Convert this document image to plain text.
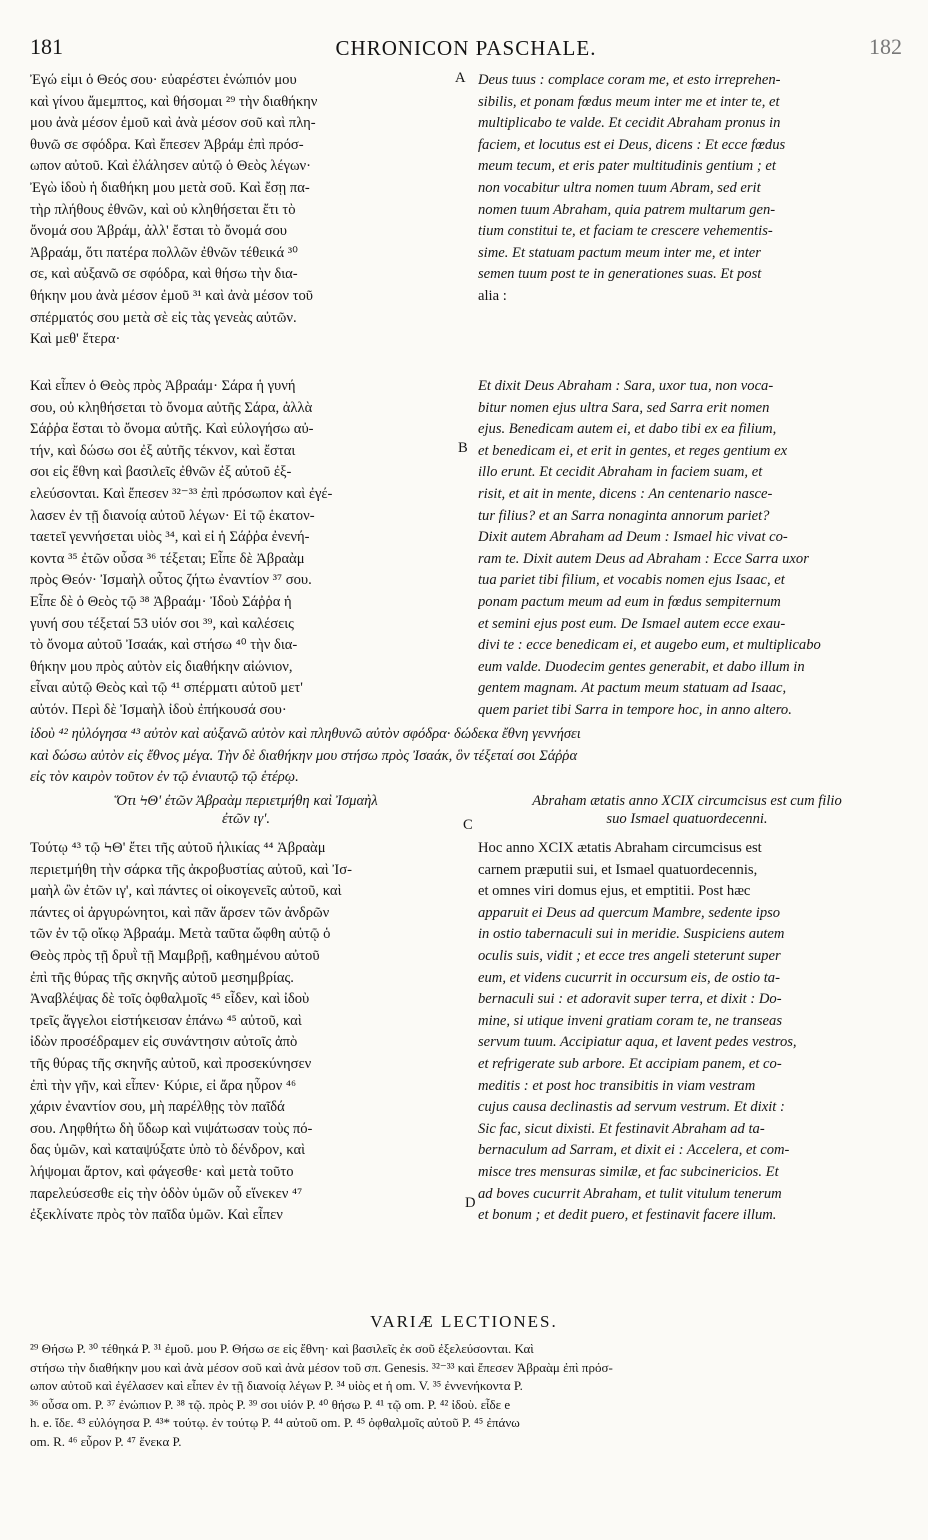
181	CHRONICON PASCHALE.	182
Ἐγώ εἰμι ὁ Θεός σου· εὐαρέστει ἐνώπιόν μου
καὶ γίνου ἄμεμπτος, καὶ θήσομαι ²⁹ τὴν διαθήκην
μου ἀνὰ μέσον ἐμοῦ καὶ ἀνὰ μέσον σοῦ καὶ πλη-
θυνῶ σε σφόδρα. Καὶ ἔπεσεν Ἀβράμ ἐπὶ πρόσ-
ωπον αὐτοῦ. Καὶ ἐλάλησεν αὐτῷ ὁ Θεὸς λέγων·
Ἐγὼ ἰδοὺ ἡ διαθήκη μου μετὰ σοῦ. Καὶ ἔσῃ πα-
τὴρ πλήθους ἐθνῶν, καὶ οὐ κληθήσεται ἔτι τὸ
ὄνομά σου Ἀβράμ, ἀλλ' ἔσται τὸ ὄνομά σου
Ἀβραάμ, ὅτι πατέρα πολλῶν ἐθνῶν τέθεικά ³⁰
σε, καὶ αὐξανῶ σε σφόδρα, καὶ θήσω τὴν δια-
θήκην μου ἀνὰ μέσον ἐμοῦ ³¹ καὶ ἀνὰ μέσον τοῦ
σπέρματός σου μετὰ σὲ εἰς τὰς γενεὰς αὐτῶν.
Καὶ μεθ' ἕτερα·
Deus tuus : complace coram me, et esto irreprehen-
sibilis, et ponam fœdus meum inter me et inter te, et
multiplicabo te valde. Et cecidit Abraham pronus in
faciem, et locutus est ei Deus, dicens : Et ecce fœdus
meum tecum, et eris pater multitudinis gentium ; et
non vocabitur ultra nomen tuum Abram, sed erit
nomen tuum Abraham, quia patrem multarum gen-
tium constitui te, et faciam te crescere vehementis-
sime. Et statuam pactum meum inter me, et inter
semen tuum post te in generationes suas. Et post
alia :
A
B
C
D
Καὶ εἶπεν ὁ Θεὸς πρὸς Ἀβραάμ· Σάρα ἡ γυνή
σου, οὐ κληθήσεται τὸ ὄνομα αὐτῆς Σάρα, ἀλλὰ
Σάῤῥα ἔσται τὸ ὄνομα αὐτῆς. Καὶ εὐλογήσω αὐ-
τήν, καὶ δώσω σοι ἐξ αὐτῆς τέκνον, καὶ ἔσται
σοι εἰς ἔθνη καὶ βασιλεῖς ἐθνῶν ἐξ αὐτοῦ ἐξ-
ελεύσονται. Καὶ ἔπεσεν ³²⁻³³ ἐπὶ πρόσωπον καὶ ἐγέ-
λασεν ἐν τῇ διανοίᾳ αὐτοῦ λέγων· Εἰ τῷ ἑκατον-
ταετεῖ γεννήσεται υἱὸς ³⁴, καὶ εἰ ἡ Σάῤῥα ἐνενή-
κοντα ³⁵ ἐτῶν οὖσα ³⁶ τέξεται; Εἶπε δὲ Ἀβραὰμ
πρὸς Θεόν· Ἰσμαὴλ οὗτος ζήτω ἐναντίον ³⁷ σου.
Εἶπε δὲ ὁ Θεὸς τῷ ³⁸ Ἀβραάμ· Ἰδοὺ Σάῤῥα ἡ
γυνή σου τέξεταί 53 υἱόν σοι ³⁹, καὶ καλέσεις
τὸ ὄνομα αὐτοῦ Ἰσαάκ, καὶ στήσω ⁴⁰ τὴν δια-
θήκην μου πρὸς αὐτὸν εἰς διαθήκην αἰώνιον,
εἶναι αὐτῷ Θεὸς καὶ τῷ ⁴¹ σπέρματι αὐτοῦ μετ'
αὐτόν. Περὶ δὲ Ἰσμαὴλ ἰδοὺ ἐπήκουσά σου·
Et dixit Deus Abraham : Sara, uxor tua, non voca-
bitur nomen ejus ultra Sara, sed Sarra erit nomen
ejus. Benedicam autem ei, et dabo tibi ex ea filium,
et benedicam ei, et erit in gentes, et reges gentium ex
illo erunt. Et cecidit Abraham in faciem suam, et
risit, et ait in mente, dicens : An centenario nasce-
tur filius? et an Sarra nonaginta annorum pariet?
Dixit autem Abraham ad Deum : Ismael hic vivat co-
ram te. Dixit autem Deus ad Abraham : Ecce Sarra uxor
tua pariet tibi filium, et vocabis nomen ejus Isaac, et
ponam pactum meum ad eum in fœdus sempiternum
et semini ejus post eum. De Ismael autem ecce exau-
divi te : ecce benedicam ei, et augebo eum, et multiplicabo
eum valde. Duodecim gentes generabit, et dabo illum in
gentem magnam. At pactum meum statuam ad Isaac,
quem pariet tibi Sarra in tempore hoc, in anno altero.
ἰδοὺ ⁴² ηὐλόγησα ⁴³ αὐτὸν καὶ αὐξανῶ αὐτὸν καὶ πληθυνῶ αὐτὸν σφόδρα· δώδεκα ἔθνη γεννήσει
καὶ δώσω αὐτὸν εἰς ἔθνος μέγα. Τὴν δὲ διαθήκην μου στήσω πρὸς Ἰσαάκ, ὃν τέξεταί σοι Σάῤῥα
εἰς τὸν καιρὸν τοῦτον ἐν τῷ ἐνιαυτῷ τῷ ἑτέρῳ.
Ὅτι ϞΘ' ἐτῶν Ἀβραὰμ περιετμήθη καὶ Ἰσμαὴλ
ἐτῶν ιγ'.
Abraham ætatis anno XCIX circumcisus est cum filio
suo Ismael quatuordecenni.
Τούτῳ ⁴³ τῷ ϞΘ' ἔτει τῆς αὐτοῦ ἡλικίας ⁴⁴ Ἀβραὰμ
περιετμήθη τὴν σάρκα τῆς ἀκροβυστίας αὐτοῦ, καὶ Ἰσ-
μαὴλ ὢν ἐτῶν ιγ', καὶ πάντες οἱ οἰκογενεῖς αὐτοῦ, καὶ
πάντες οἱ ἀργυρώνητοι, καὶ πᾶν ἄρσεν τῶν ἀνδρῶν
τῶν ἐν τῷ οἴκῳ Ἀβραάμ. Μετὰ ταῦτα ὤφθη αὐτῷ ὁ
Θεὸς πρὸς τῇ δρυῒ τῇ Μαμβρῇ, καθημένου αὐτοῦ
ἐπὶ τῆς θύρας τῆς σκηνῆς αὐτοῦ μεσημβρίας.
Ἀναβλέψας δὲ τοῖς ὀφθαλμοῖς ⁴⁵ εἶδεν, καὶ ἰδοὺ
τρεῖς ἄγγελοι εἱστήκεισαν ἐπάνω ⁴⁵ αὐτοῦ, καὶ
ἰδὼν προσέδραμεν εἰς συνάντησιν αὐτοῖς ἀπὸ
τῆς θύρας τῆς σκηνῆς αὐτοῦ, καὶ προσεκύνησεν
ἐπὶ τὴν γῆν, καὶ εἶπεν· Κύριε, εἰ ἄρα ηὗρον ⁴⁶
χάριν ἐναντίον σου, μὴ παρέλθῃς τὸν παῖδά
σου. Ληφθήτω δὴ ὕδωρ καὶ νιψάτωσαν τοὺς πό-
δας ὑμῶν, καὶ καταψύξατε ὑπὸ τὸ δένδρον, καὶ
λήψομαι ἄρτον, καὶ φάγεσθε· καὶ μετὰ τοῦτο
παρελεύσεσθε εἰς τὴν ὁδὸν ὑμῶν οὗ εἵνεκεν ⁴⁷
ἐξεκλίνατε πρὸς τὸν παῖδα ὑμῶν. Καὶ εἶπεν
Hoc anno XCIX ætatis Abraham circumcisus est
carnem præputii sui, et Ismael quatuordecennis,
et omnes viri domus ejus, et emptitii. Post hæc
apparuit ei Deus ad quercum Mambre, sedente ipso
in ostio tabernaculi sui in meridie. Suspiciens autem
oculis suis, vidit ; et ecce tres angeli steterunt super
eum, et videns cucurrit in occursum eis, de ostio ta-
bernaculi sui : et adoravit super terra, et dixit : Do-
mine, si utique inveni gratiam coram te, ne transeas
servum tuum. Accipiatur aqua, et lavent pedes vestros,
et refrigerate sub arbore. Et accipiam panem, et co-
meditis : et post hoc transibitis in viam vestram
cujus causa declinastis ad servum vestrum. Et dixit :
Sic fac, sicut dixisti. Et festinavit Abraham ad ta-
bernaculum ad Sarram, et dixit ei : Accelera, et com-
misce tres mensuras similæ, et fac subcinericios. Et
ad boves cucurrit Abraham, et tulit vitulum tenerum
et bonum ; et dedit puero, et festinavit facere illum.
VARIÆ LECTIONES.
²⁹ Θήσω P. ³⁰ τέθηκά P. ³¹ ἐμοῦ. μου P. Θήσω σε εἰς ἔθνη· καὶ βασιλεῖς ἐκ σοῦ ἐξελεύσονται. Καὶ
στήσω τὴν διαθήκην μου καὶ ἀνὰ μέσον σοῦ καὶ ἀνὰ μέσον τοῦ σπ. Genesis. ³²⁻³³ καὶ ἔπεσεν Ἀβραὰμ ἐπὶ πρόσ-
ωπον αὐτοῦ καὶ ἐγέλασεν καὶ εἶπεν ἐν τῇ διανοίᾳ λέγων P. ³⁴ υἱὸς et ἡ om. V. ³⁵ ἐννενήκοντα P.
³⁶ οὖσα om. P. ³⁷ ἐνώπιον P. ³⁸ τῷ. πρὸς P. ³⁹ σοι υἱόν P. ⁴⁰ θήσω P. ⁴¹ τῷ om. P. ⁴² ἰδοὺ. εἶδε e
h. e. ἴδε. ⁴³ εὐλόγησα P. ⁴³* τούτῳ. ἐν τούτῳ P. ⁴⁴ αὐτοῦ om. P. ⁴⁵ ὀφθαλμοῖς αὐτοῦ P. ⁴⁵ ἐπάνω
om. R. ⁴⁶ εὗρον P. ⁴⁷ ἕνεκα P.
